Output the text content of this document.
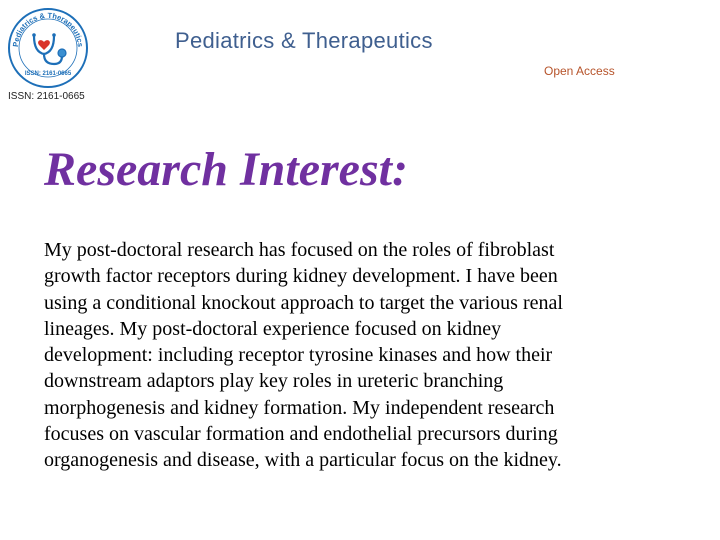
Pediatrics & Therapeutics
ISSN: 2161-0665
Pediatrics & Therapeutics
Open Access
ISSN: 2161-0665
Research Interest:

My post-doctoral research has focused on the roles of fibroblast
growth factor receptors during kidney development. I have been
using a conditional knockout approach to target the various renal
lineages. My post-doctoral experience focused on kidney
development: including receptor tyrosine kinases and how their
downstream adaptors play key roles in ureteric branching
morphogenesis and kidney formation. My independent research
focuses on vascular formation and endothelial precursors during
organogenesis and disease, with a particular focus on the kidney.
